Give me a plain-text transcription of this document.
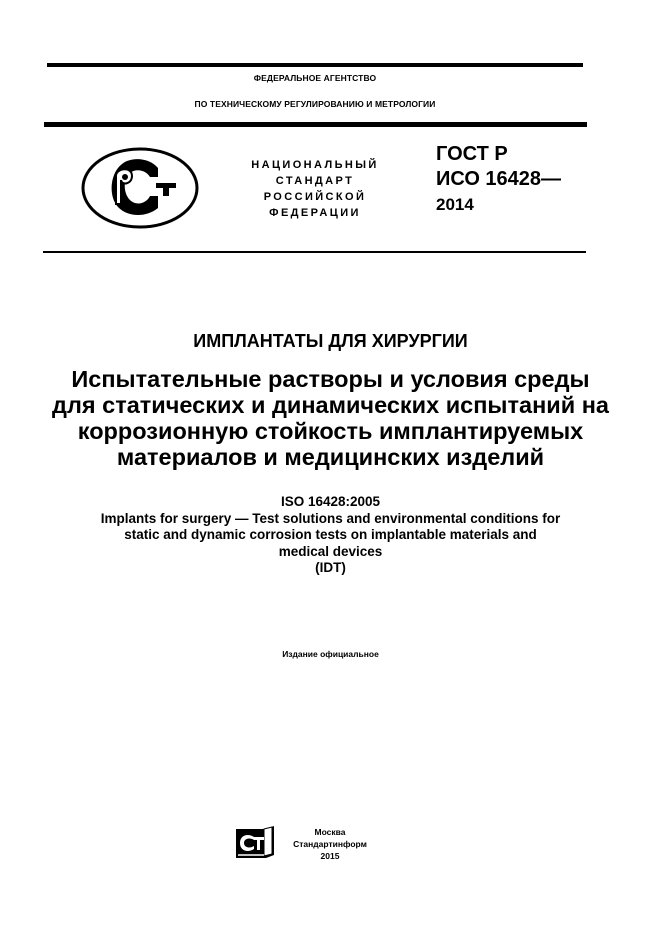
ФЕДЕРАЛЬНОЕ АГЕНТСТВО
ПО ТЕХНИЧЕСКОМУ РЕГУЛИРОВАНИЮ И МЕТРОЛОГИИ
НАЦИОНАЛЬНЫЙ
СТАНДАРТ
РОССИЙСКОЙ
ФЕДЕРАЦИИ
ГОСТ Р
ИСО 16428—
2014
ИМПЛАНТАТЫ ДЛЯ ХИРУРГИИ
Испытательные растворы и условия среды
для статических и динамических испытаний на
коррозионную стойкость имплантируемых
материалов и медицинских изделий
ISO 16428:2005
Implants for surgery — Test solutions and environmental conditions for
static and dynamic corrosion tests on implantable materials and
medical devices
(IDT)
Издание официальное
Москва
Стандартинформ
2015
